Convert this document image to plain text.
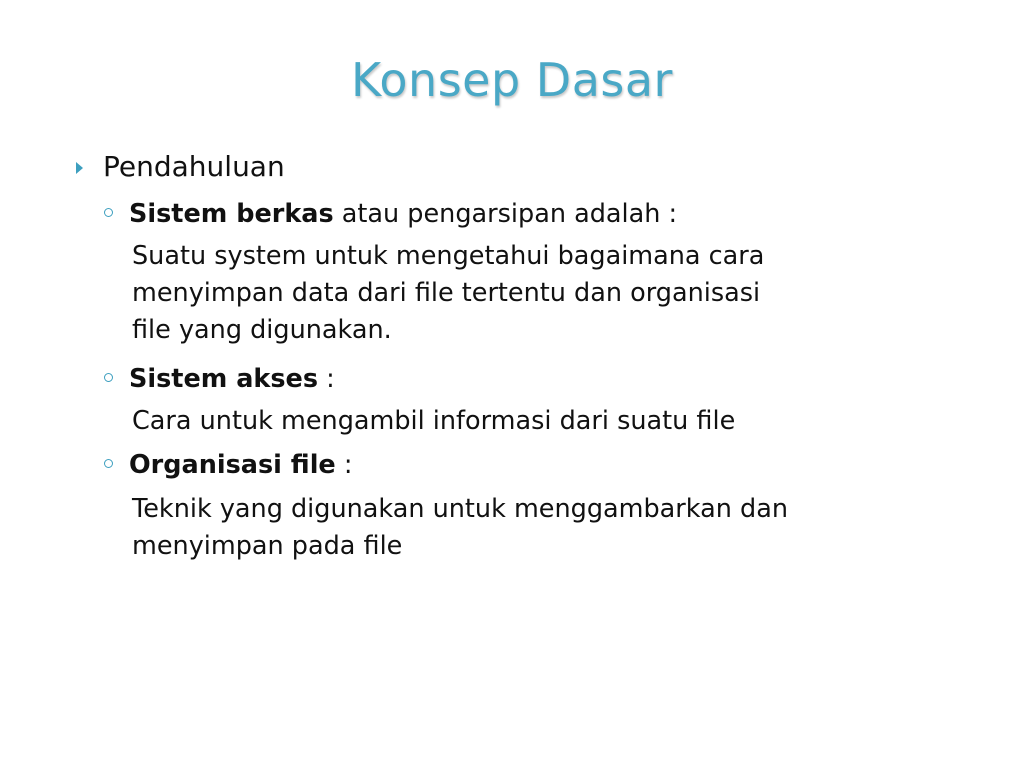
Konsep Dasar
Pendahuluan
Sistem berkas atau pengarsipan adalah :
Suatu system untuk mengetahui bagaimana cara
menyimpan data dari file tertentu dan organisasi
file yang digunakan.
Sistem akses :
Cara untuk mengambil informasi dari suatu file
Organisasi file :
Teknik yang digunakan untuk menggambarkan dan
menyimpan pada file
